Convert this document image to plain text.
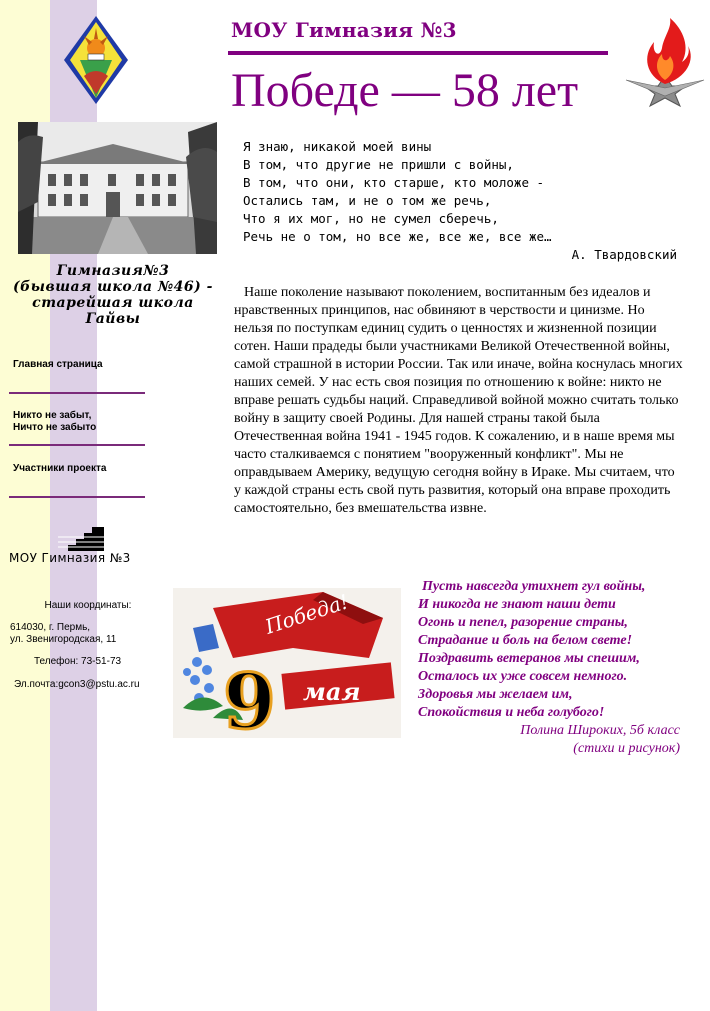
Гимназия№3
(бывшая школа №46) -
старейшая школа Гайвы
Главная страница
Никто не забыт,
Ничто не забыто
Участники проекта
МОУ Гимназия №3
Наши координаты:
614030, г. Пермь,
ул. Звенигородская, 11
Телефон: 73-51-73
Эл.почта:gcon3@pstu.ac.ru
МОУ Гимназия №3
Победе — 58 лет
Я знаю, никакой моей вины
В том, что другие не пришли с войны,
В том, что они, кто старше, кто моложе -
Остались там, и не о том же речь,
Что я их мог, но не сумел сберечь,
Речь не о том, но все же, все же, все же…
А. Твардовский
Наше поколение называют поколением, воспитанным без идеалов и нравственных принципов, нас обвиняют в черствости и цинизме. Но нельзя по поступкам единиц судить о ценностях и жизненной позиции сотен. Наши прадеды были участниками Великой Отечественной войны, самой страшной в истории России. Так или иначе, война коснулась многих наших семей. У нас есть своя позиция по отношению к войне: никто не вправе решать судьбы наций. Справедливой войной можно считать только войну в защиту своей Родины. Для нашей страны такой была Отечественная война 1941 - 1945 годов. К сожалению, и в наше время мы часто сталкиваемся с понятием "вооруженный конфликт". Мы не оправдываем Америку, ведущую сегодня войну в Ираке. Мы считаем, что у каждой страны есть свой путь развития, который она вправе проходить самостоятельно, без вмешательства извне.
Победа!
мая
9
Пусть навсегда утихнет гул войны,
И никогда не знают наши дети
Огонь и пепел, разорение страны,
Страдание и боль на белом свете!
Поздравить ветеранов мы спешим,
Осталось их уже совсем немного.
Здоровья мы желаем им,
Спокойствия и неба голубого!
Полина Широких, 5б класс
(стихи и рисунок)
